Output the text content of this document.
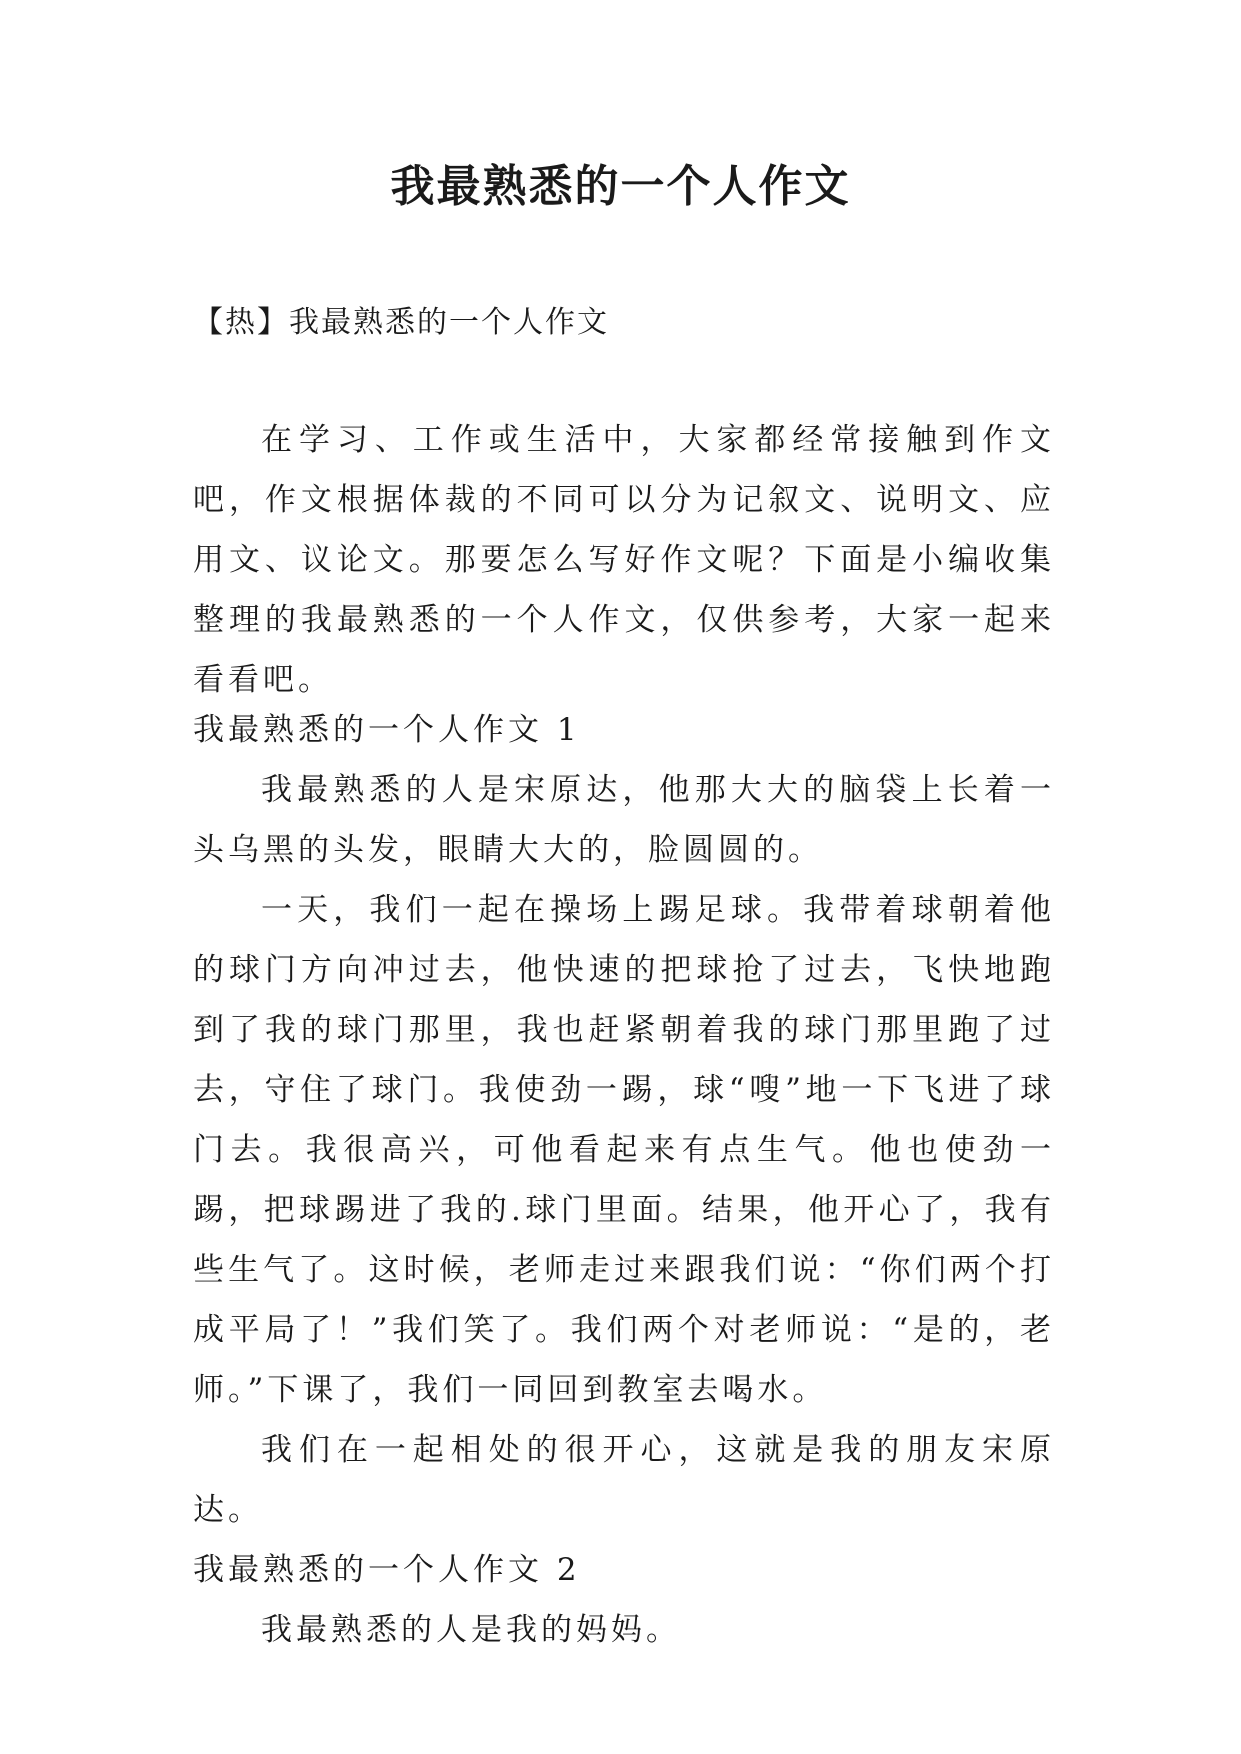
我最熟悉的一个人作文
【热】我最熟悉的一个人作文

在学习、工作或生活中，大家都经常接触到作文吧，作文根据体裁的不同可以分为记叙文、说明文、应用文、议论文。那要怎么写好作文呢？下面是小编收集整理的我最熟悉的一个人作文，仅供参考，大家一起来看看吧。

我最熟悉的一个人作文 1

我最熟悉的人是宋原达，他那大大的脑袋上长着一头乌黑的头发，眼睛大大的，脸圆圆的。

一天，我们一起在操场上踢足球。我带着球朝着他的球门方向冲过去，他快速的把球抢了过去，飞快地跑到了我的球门那里，我也赶紧朝着我的球门那里跑了过去，守住了球门。我使劲一踢，球“嗖”地一下飞进了球门去。我很高兴，可他看起来有点生气。他也使劲一踢，把球踢进了我的.球门里面。结果，他开心了，我有些生气了。这时候，老师走过来跟我们说：“你们两个打成平局了！”我们笑了。我们两个对老师说：“是的，老师。”下课了，我们一同回到教室去喝水。

我们在一起相处的很开心，这就是我的朋友宋原达。

我最熟悉的一个人作文 2

我最熟悉的人是我的妈妈。
